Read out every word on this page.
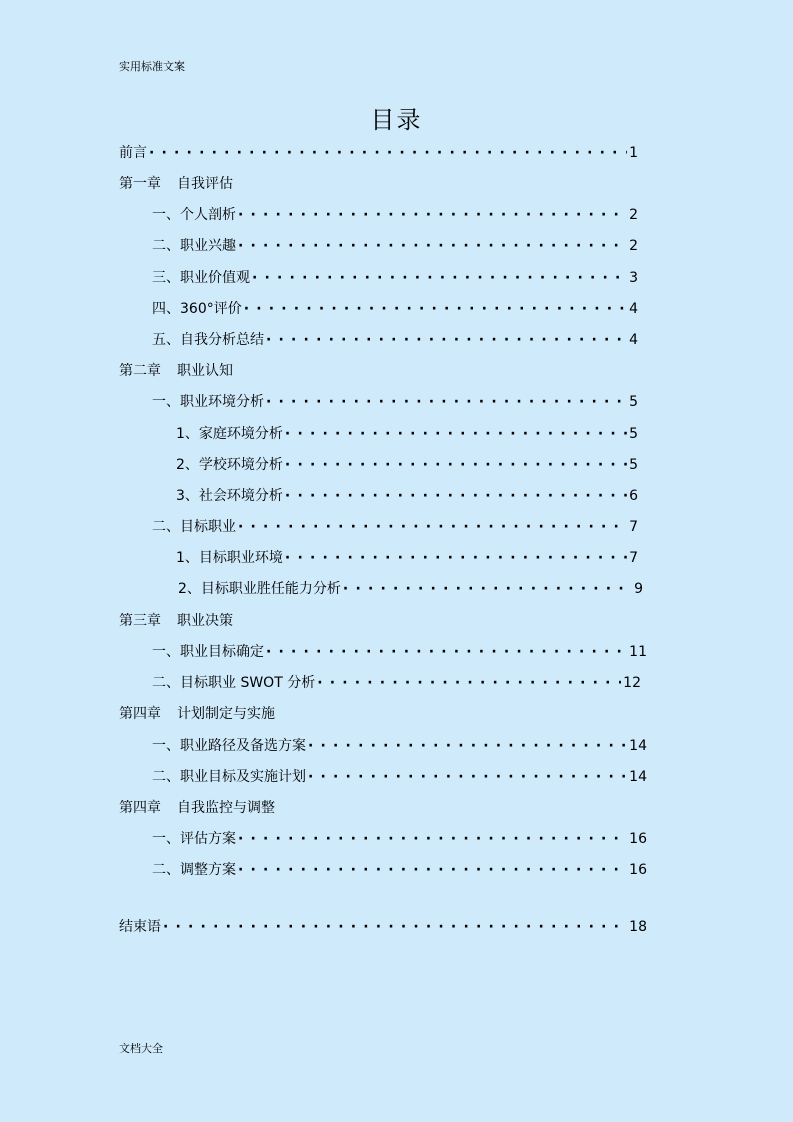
实用标准文案
目录
前言 ·····	1
第一章 自我评估
一、个人剖析 ·····	2
二、职业兴趣 ·····	2
三、职业价值观 ·····	3
四、360°评价 ·····	4
五、自我分析总结 ·····	4
第二章 职业认知
一、职业环境分析 ·····	5
1、家庭环境分析 ·····	5
2、学校环境分析 ·····	5
3、社会环境分析 ·····	6
二、目标职业 ·····	7
1、目标职业环境 ·····	7
2、目标职业胜任能力分析 ·····	9
第三章 职业决策
一、职业目标确定 ·····	11
二、目标职业 SWOT 分析 ·····	12
第四章 计划制定与实施
一、职业路径及备选方案 ·····	14
二、职业目标及实施计划 ·····	14
第四章 自我监控与调整
一、评估方案 ·····	16
二、调整方案 ·····	16
结束语 ·····	18
文档大全
